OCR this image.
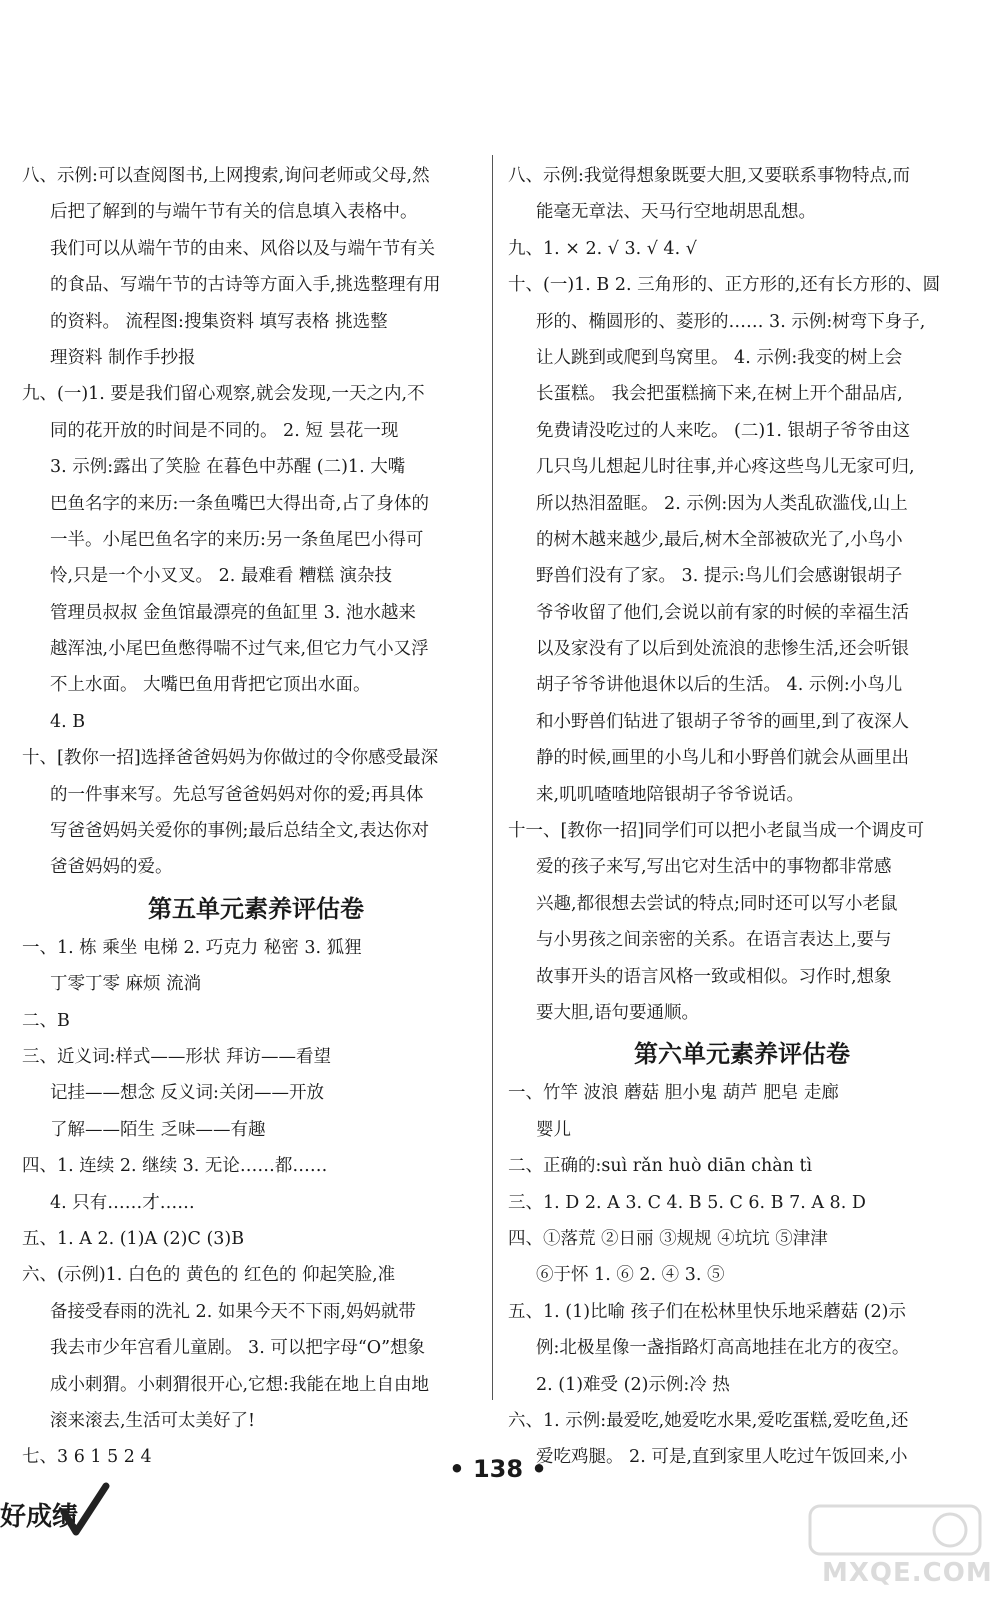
八、示例:可以查阅图书,上网搜索,询问老师或父母,然
后把了解到的与端午节有关的信息填入表格中。
我们可以从端午节的由来、风俗以及与端午节有关
的食品、写端午节的古诗等方面入手,挑选整理有用
的资料。 流程图:搜集资料 填写表格 挑选整
理资料 制作手抄报
九、(一)1. 要是我们留心观察,就会发现,一天之内,不
同的花开放的时间是不同的。 2. 短 昙花一现
3. 示例:露出了笑脸 在暮色中苏醒 (二)1. 大嘴
巴鱼名字的来历:一条鱼嘴巴大得出奇,占了身体的
一半。小尾巴鱼名字的来历:另一条鱼尾巴小得可
怜,只是一个小叉叉。 2. 最难看 糟糕 演杂技
管理员叔叔 金鱼馆最漂亮的鱼缸里 3. 池水越来
越浑浊,小尾巴鱼憋得喘不过气来,但它力气小又浮
不上水面。 大嘴巴鱼用背把它顶出水面。
4. B
十、[教你一招]选择爸爸妈妈为你做过的令你感受最深
的一件事来写。先总写爸爸妈妈对你的爱;再具体
写爸爸妈妈关爱你的事例;最后总结全文,表达你对
爸爸妈妈的爱。
第五单元素养评估卷
一、1. 栋 乘坐 电梯 2. 巧克力 秘密 3. 狐狸
丁零丁零 麻烦 流淌
二、B
三、近义词:样式——形状 拜访——看望
记挂——想念 反义词:关闭——开放
了解——陌生 乏味——有趣
四、1. 连续 2. 继续 3. 无论……都……
4. 只有……才……
五、1. A 2. (1)A (2)C (3)B
六、(示例)1. 白色的 黄色的 红色的 仰起笑脸,准
备接受春雨的洗礼 2. 如果今天不下雨,妈妈就带
我去市少年宫看儿童剧。 3. 可以把字母“O”想象
成小刺猬。小刺猬很开心,它想:我能在地上自由地
滚来滚去,生活可太美好了!
七、3 6 1 5 2 4
八、示例:我觉得想象既要大胆,又要联系事物特点,而
能毫无章法、天马行空地胡思乱想。
九、1. × 2. √ 3. √ 4. √
十、(一)1. B 2. 三角形的、正方形的,还有长方形的、圆
形的、椭圆形的、菱形的…… 3. 示例:树弯下身子,
让人跳到或爬到鸟窝里。 4. 示例:我变的树上会
长蛋糕。 我会把蛋糕摘下来,在树上开个甜品店,
免费请没吃过的人来吃。 (二)1. 银胡子爷爷由这
几只鸟儿想起儿时往事,并心疼这些鸟儿无家可归,
所以热泪盈眶。 2. 示例:因为人类乱砍滥伐,山上
的树木越来越少,最后,树木全部被砍光了,小鸟小
野兽们没有了家。 3. 提示:鸟儿们会感谢银胡子
爷爷收留了他们,会说以前有家的时候的幸福生活
以及家没有了以后到处流浪的悲惨生活,还会听银
胡子爷爷讲他退休以后的生活。 4. 示例:小鸟儿
和小野兽们钻进了银胡子爷爷的画里,到了夜深人
静的时候,画里的小鸟儿和小野兽们就会从画里出
来,叽叽喳喳地陪银胡子爷爷说话。
十一、[教你一招]同学们可以把小老鼠当成一个调皮可
爱的孩子来写,写出它对生活中的事物都非常感
兴趣,都很想去尝试的特点;同时还可以写小老鼠
与小男孩之间亲密的关系。在语言表达上,要与
故事开头的语言风格一致或相似。习作时,想象
要大胆,语句要通顺。
第六单元素养评估卷
一、竹竿 波浪 蘑菇 胆小鬼 葫芦 肥皂 走廊
婴儿
二、正确的:suì rǎn huò diān chàn tì
三、1. D 2. A 3. C 4. B 5. C 6. B 7. A 8. D
四、①落荒 ②日丽 ③规规 ④坑坑 ⑤津津
⑥于怀 1. ⑥ 2. ④ 3. ⑤
五、1. (1)比喻 孩子们在松林里快乐地采蘑菇 (2)示
例:北极星像一盏指路灯高高地挂在北方的夜空。
2. (1)难受 (2)示例:冷 热
六、1. 示例:最爱吃,她爱吃水果,爱吃蛋糕,爱吃鱼,还
爱吃鸡腿。 2. 可是,直到家里人吃过午饭回来,小
• 138 •
好成绩
MXQE.COM
